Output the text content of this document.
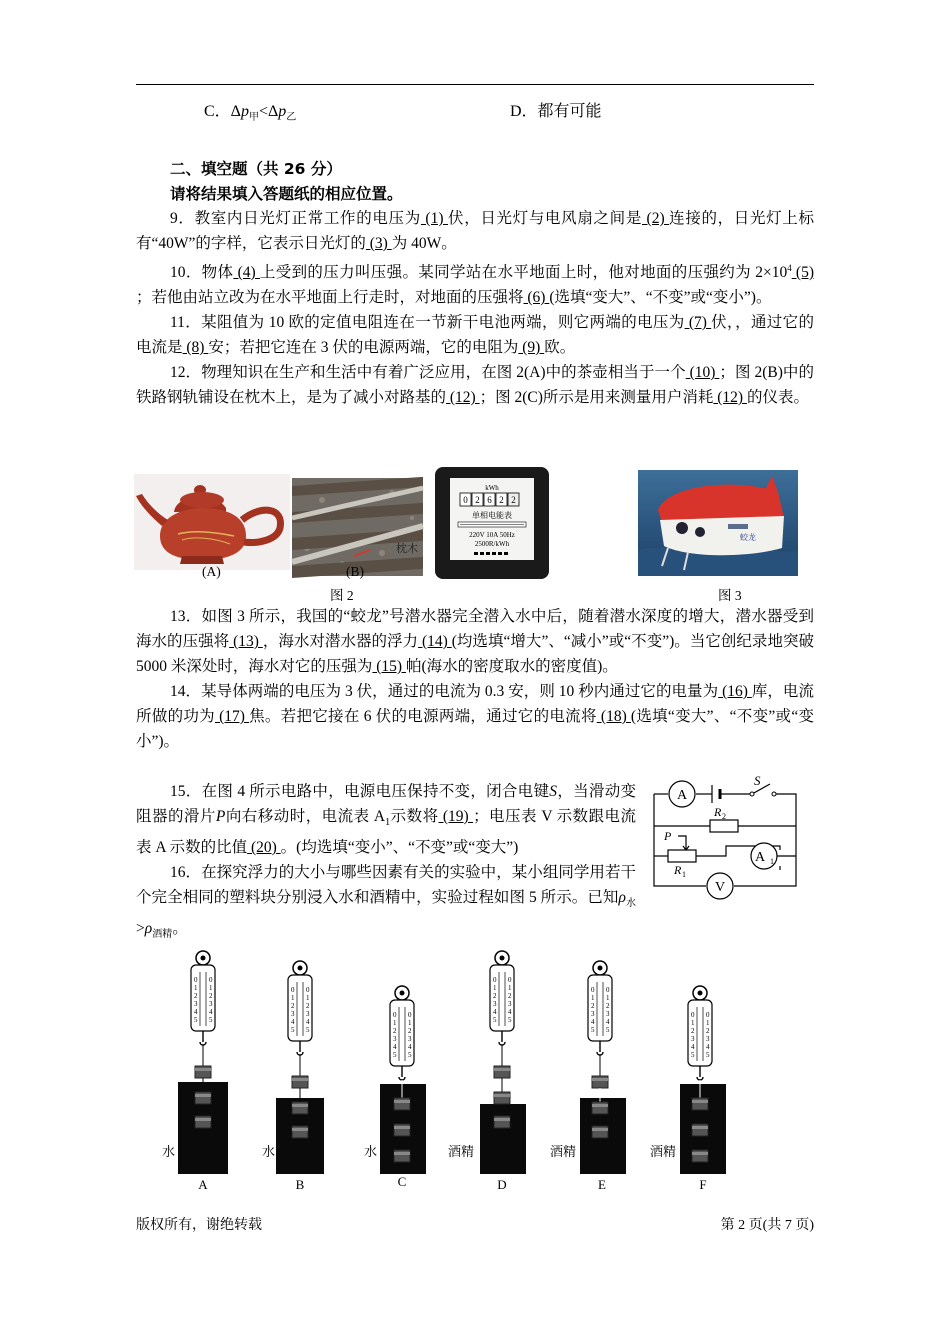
C．$\Delta p_甲<\Delta p_乙$	D．都有可能
二、填空题（共 26 分）
请将结果填入答题纸的相应位置。

9．教室内日光灯正常工作的电压为 (1) 伏，日光灯与电风扇之间是 (2) 连接的，日光灯上标有“40W”的字样，它表示日光灯的 (3) 为 40W。

10．物体 (4) 上受到的压力叫压强。某同学站在水平地面上时，他对地面的压强约为 $2\times 10^4$ (5) ；若他由站立改为在水平地面上行走时，对地面的压强将 (6) (选填“变大”、“不变”或“变小”)。

11．某阻值为 10 欧的定值电阻连在一节新干电池两端，则它两端的电压为 (7) 伏，，通过它的电流是 (8) 安；若把它连在 3 伏的电源两端，它的电阻为 (9) 欧。

12．物理知识在生产和生活中有着广泛应用，在图 2(A)中的茶壶相当于一个 (10) ；图 2(B)中的铁路钢轨铺设在枕木上，是为了减小对路基的 (12) ；图 2(C)所示是用来测量用户消耗 (12) 的仪表。

(A)
枕木
(B)
kWh
0 2 6 2 2
单相电能表
220V 10A 50Hz
2500R/kWh
图 2
蛟龙
图 3

13．如图 3 所示，我国的“蛟龙”号潜水器完全潜入水中后，随着潜水深度的增大，潜水器受到海水的压强将 (13) ，海水对潜水器的浮力 (14) (均选填“增大”、“减小”或“不变”)。当它创纪录地突破 5000 米深处时，海水对它的压强为 (15) 帕(海水的密度取水的密度值)。

14．某导体两端的电压为 3 伏，通过的电流为 0.3 安，则 10 秒内通过它的电量为 (16) 库，电流所做的功为 (17) 焦。若把它接在 6 伏的电源两端，通过它的电流将 (18) (选填“变大”、“不变”或“变小”)。

15．在图 4 所示电路中，电源电压保持不变，闭合电键S，当滑动变阻器的滑片P向右移动时，电流表 $A_1$示数将 (19) ；电压表 V 示数跟电流表 A 示数的比值 (20) 。(均选填“变小”、“不变”或“变大”)

16．在探究浮力的大小与哪些因素有关的实验中，某小组同学用若干个完全相同的塑料块分别浸入水和酒精中，实验过程如图 5 所示。已知$\rho_水>\rho_{酒精}$。

A
S
R 2
P
R 1
A 1
V
0
1
2
3
4
5
0
1
2
3
4
5
水	水	水	酒精	酒精	酒精
A	B	C	D	E	F
版权所有，谢绝转载	第 2 页(共 7 页)
